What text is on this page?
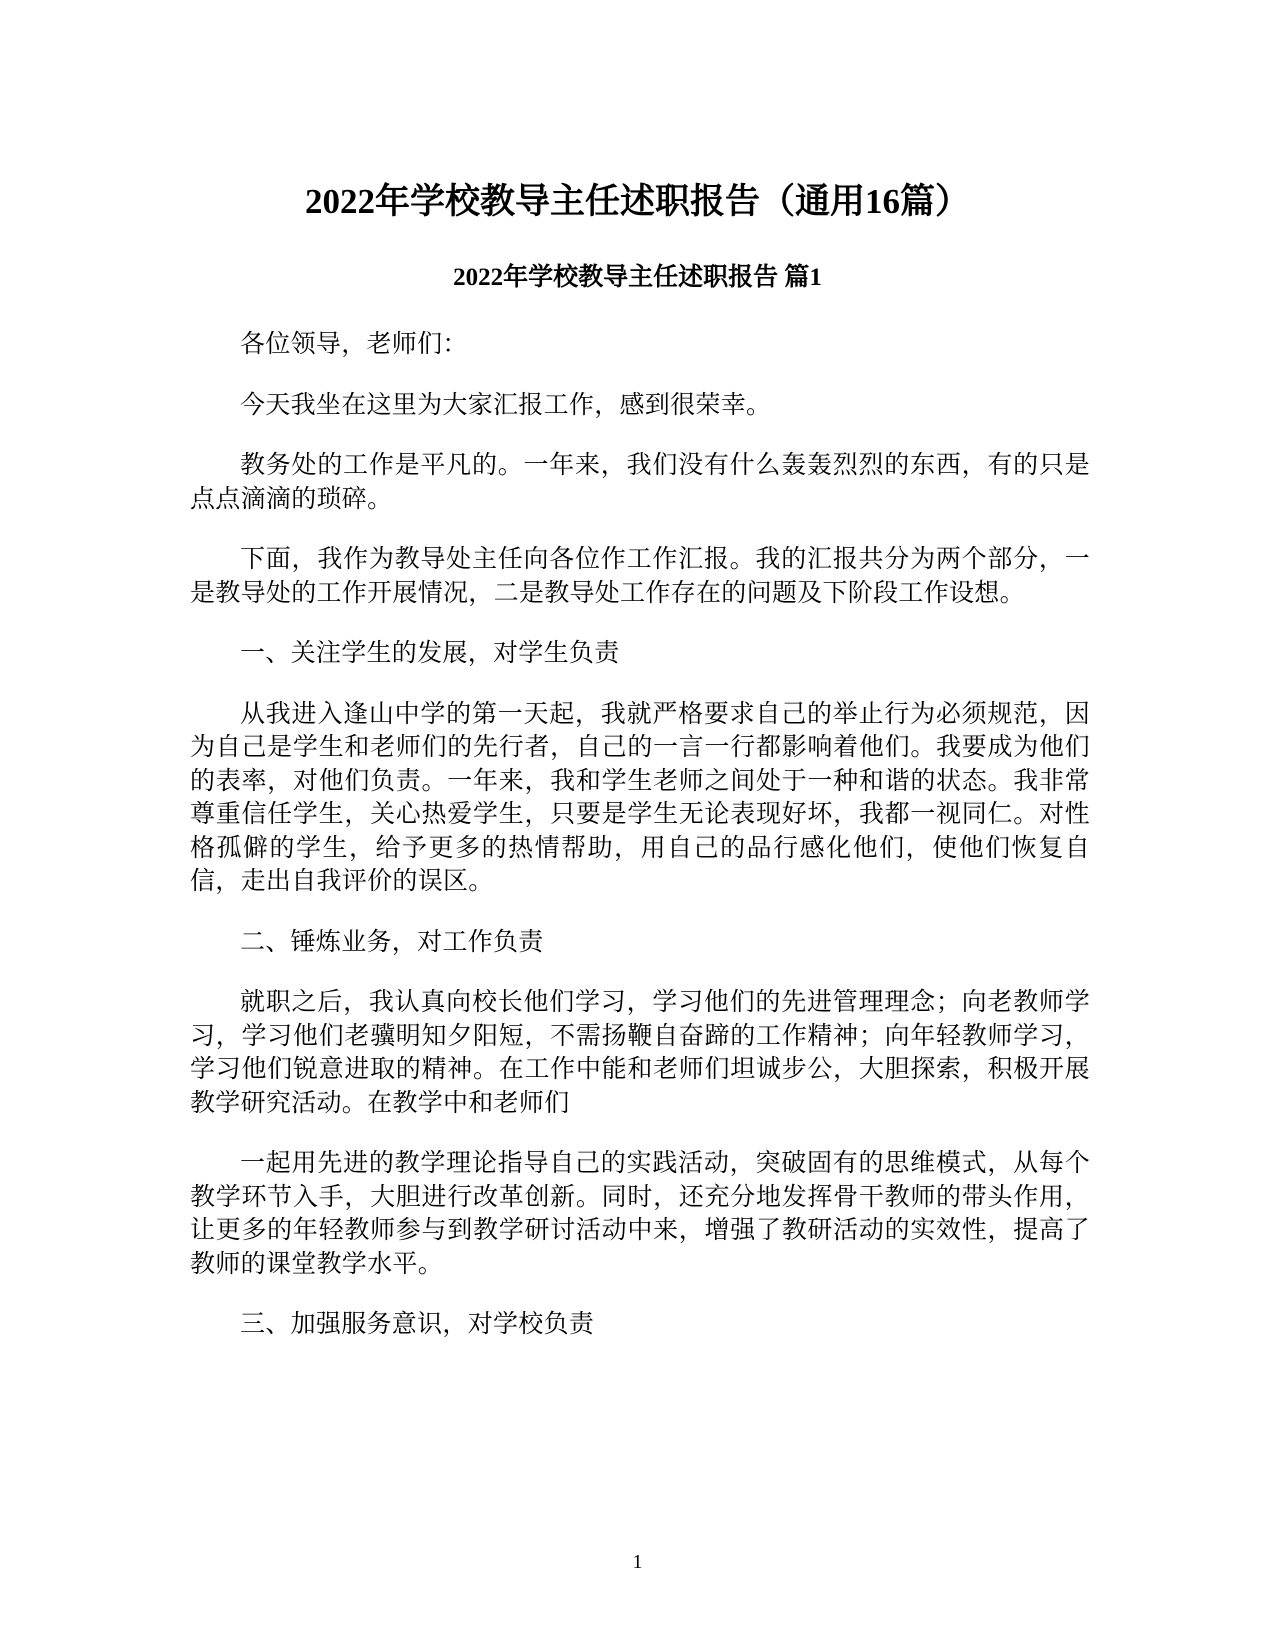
2022年学校教导主任述职报告（通用16篇）
2022年学校教导主任述职报告 篇1

各位领导，老师们：

今天我坐在这里为大家汇报工作，感到很荣幸。

教务处的工作是平凡的。一年来，我们没有什么轰轰烈烈的东西，有的只是点点滴滴的琐碎。

下面，我作为教导处主任向各位作工作汇报。我的汇报共分为两个部分，一是教导处的工作开展情况，二是教导处工作存在的问题及下阶段工作设想。

一、关注学生的发展，对学生负责

从我进入逢山中学的第一天起，我就严格要求自己的举止行为必须规范，因为自己是学生和老师们的先行者，自己的一言一行都影响着他们。我要成为他们的表率，对他们负责。一年来，我和学生老师之间处于一种和谐的状态。我非常尊重信任学生，关心热爱学生，只要是学生无论表现好坏，我都一视同仁。对性格孤僻的学生，给予更多的热情帮助，用自己的品行感化他们，使他们恢复自信，走出自我评价的误区。

二、锤炼业务，对工作负责

就职之后，我认真向校长他们学习，学习他们的先进管理理念；向老教师学习，学习他们老骥明知夕阳短，不需扬鞭自奋蹄的工作精神；向年轻教师学习，学习他们锐意进取的精神。在工作中能和老师们坦诚步公，大胆探索，积极开展教学研究活动。在教学中和老师们

一起用先进的教学理论指导自己的实践活动，突破固有的思维模式，从每个教学环节入手，大胆进行改革创新。同时，还充分地发挥骨干教师的带头作用，让更多的年轻教师参与到教学研讨活动中来，增强了教研活动的实效性，提高了教师的课堂教学水平。

三、加强服务意识，对学校负责

1
